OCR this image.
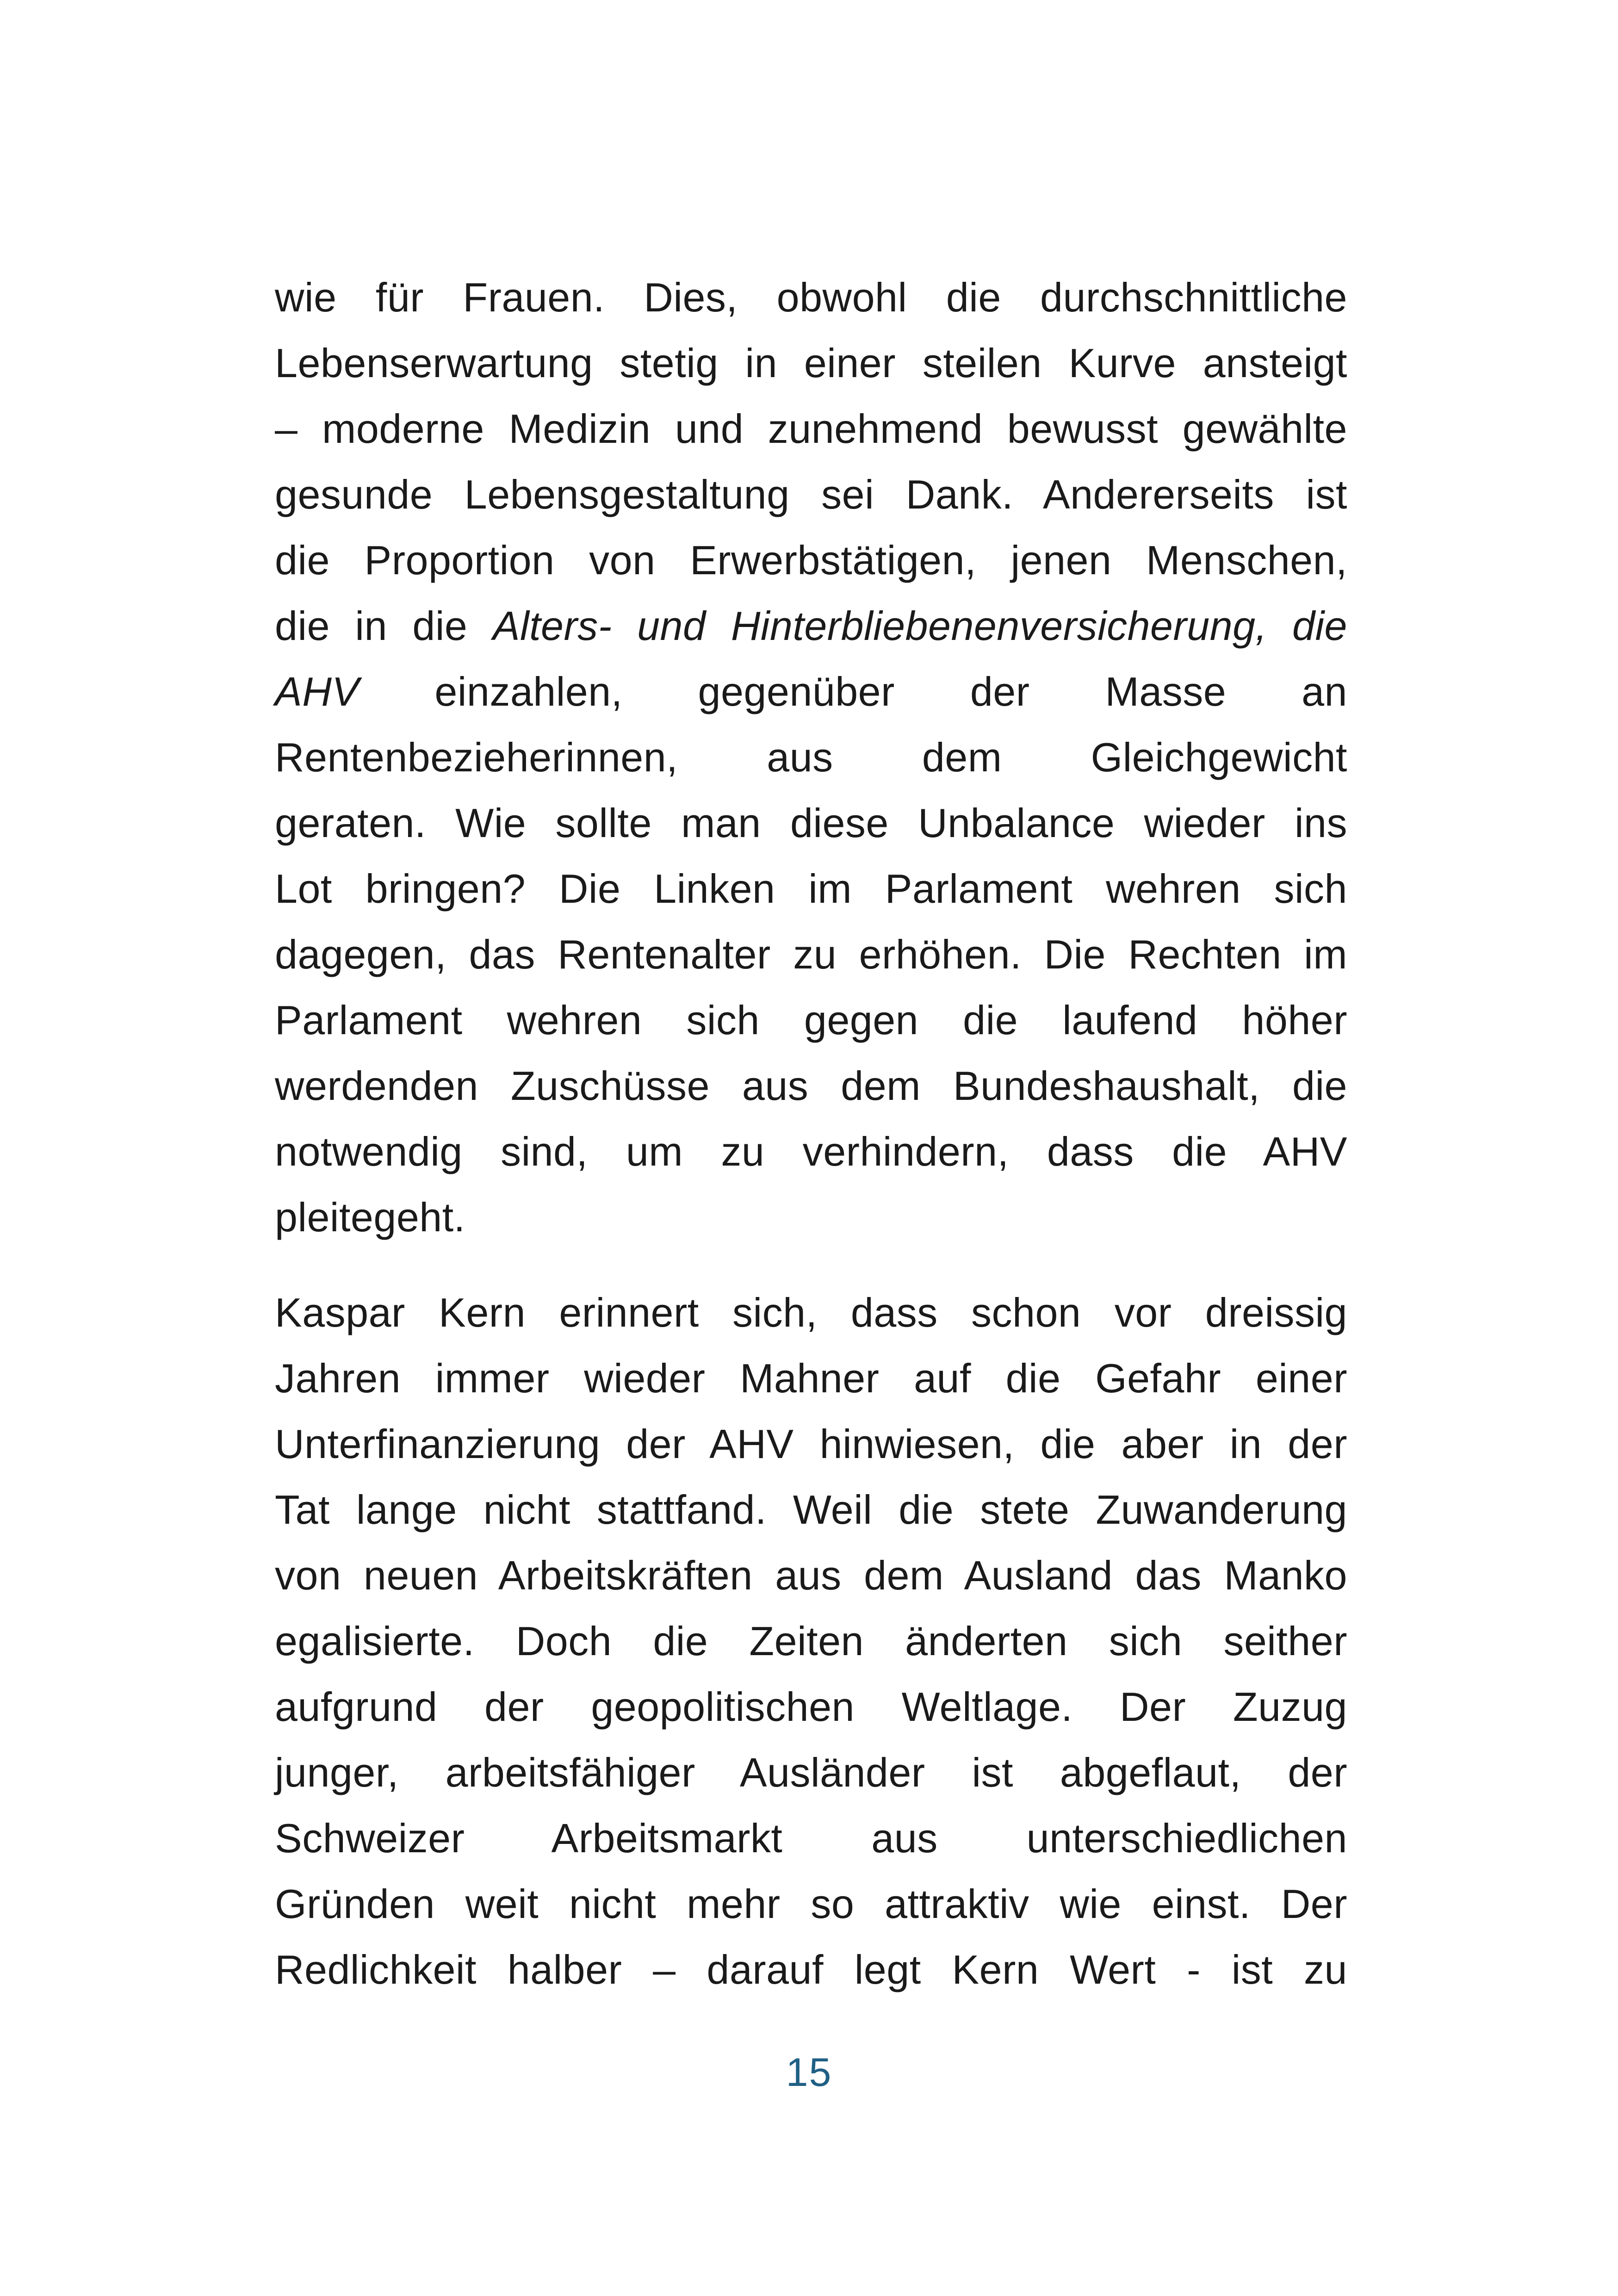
wie für Frauen. Dies, obwohl die durchschnittliche
Lebenserwartung stetig in einer steilen Kurve ansteigt
– moderne Medizin und zunehmend bewusst gewählte
gesunde Lebensgestaltung sei Dank. Andererseits ist
die Proportion von Erwerbstätigen, jenen Menschen,
die in die Alters- und Hinterbliebenenversicherung, die
AHV einzahlen, gegenüber der Masse an
Rentenbezieherinnen, aus dem Gleichgewicht
geraten. Wie sollte man diese Unbalance wieder ins
Lot bringen? Die Linken im Parlament wehren sich
dagegen, das Rentenalter zu erhöhen. Die Rechten im
Parlament wehren sich gegen die laufend höher
werdenden Zuschüsse aus dem Bundeshaushalt, die
notwendig sind, um zu verhindern, dass die AHV
pleitegeht.

Kaspar Kern erinnert sich, dass schon vor dreissig
Jahren immer wieder Mahner auf die Gefahr einer
Unterfinanzierung der AHV hinwiesen, die aber in der
Tat lange nicht stattfand. Weil die stete Zuwanderung
von neuen Arbeitskräften aus dem Ausland das Manko
egalisierte. Doch die Zeiten änderten sich seither
aufgrund der geopolitischen Weltlage. Der Zuzug
junger, arbeitsfähiger Ausländer ist abgeflaut, der
Schweizer Arbeitsmarkt aus unterschiedlichen
Gründen weit nicht mehr so attraktiv wie einst. Der
Redlichkeit halber – darauf legt Kern Wert - ist zu

15
